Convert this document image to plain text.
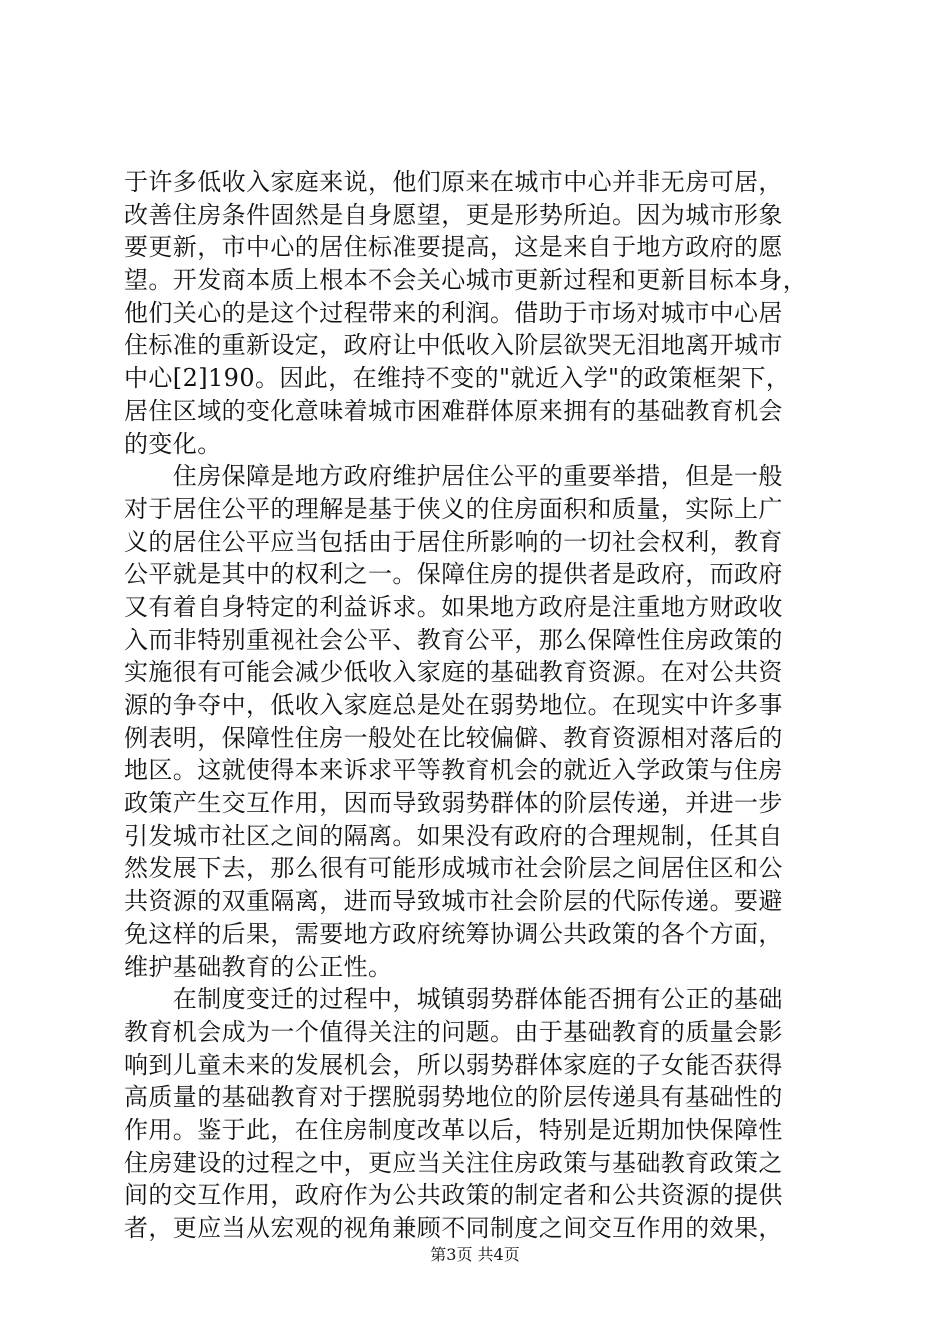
于许多低收入家庭来说，他们原来在城市中心并非无房可居，
改善住房条件固然是自身愿望，更是形势所迫。因为城市形象
要更新，市中心的居住标准要提高，这是来自于地方政府的愿
望。开发商本质上根本不会关心城市更新过程和更新目标本身，
他们关心的是这个过程带来的利润。借助于市场对城市中心居
住标准的重新设定，政府让中低收入阶层欲哭无泪地离开城市
中心[2]190。因此，在维持不变的"就近入学"的政策框架下，
居住区域的变化意味着城市困难群体原来拥有的基础教育机会
的变化。
　　住房保障是地方政府维护居住公平的重要举措，但是一般
对于居住公平的理解是基于侠义的住房面积和质量，实际上广
义的居住公平应当包括由于居住所影响的一切社会权利，教育
公平就是其中的权利之一。保障住房的提供者是政府，而政府
又有着自身特定的利益诉求。如果地方政府是注重地方财政收
入而非特别重视社会公平、教育公平，那么保障性住房政策的
实施很有可能会减少低收入家庭的基础教育资源。在对公共资
源的争夺中，低收入家庭总是处在弱势地位。在现实中许多事
例表明，保障性住房一般处在比较偏僻、教育资源相对落后的
地区。这就使得本来诉求平等教育机会的就近入学政策与住房
政策产生交互作用，因而导致弱势群体的阶层传递，并进一步
引发城市社区之间的隔离。如果没有政府的合理规制，任其自
然发展下去，那么很有可能形成城市社会阶层之间居住区和公
共资源的双重隔离，进而导致城市社会阶层的代际传递。要避
免这样的后果，需要地方政府统筹协调公共政策的各个方面，
维护基础教育的公正性。
　　在制度变迁的过程中，城镇弱势群体能否拥有公正的基础
教育机会成为一个值得关注的问题。由于基础教育的质量会影
响到儿童未来的发展机会，所以弱势群体家庭的子女能否获得
高质量的基础教育对于摆脱弱势地位的阶层传递具有基础性的
作用。鉴于此，在住房制度改革以后，特别是近期加快保障性
住房建设的过程之中，更应当关注住房政策与基础教育政策之
间的交互作用，政府作为公共政策的制定者和公共资源的提供
者，更应当从宏观的视角兼顾不同制度之间交互作用的效果，
第3页 共4页
